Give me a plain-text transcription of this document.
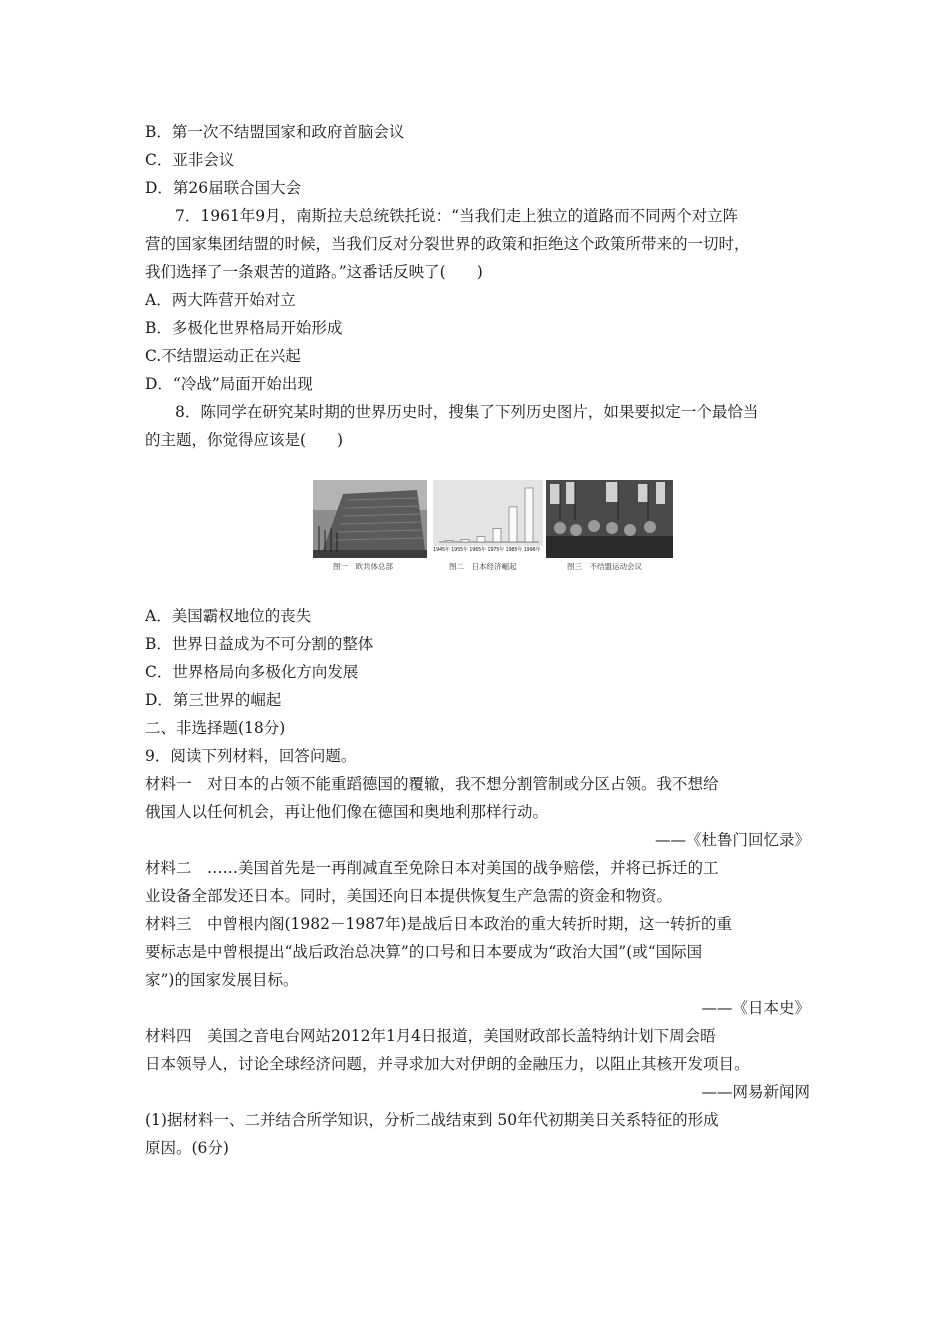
B．第一次不结盟国家和政府首脑会议
C．亚非会议
D．第26届联合国大会
7．1961年9月，南斯拉夫总统铁托说：“当我们走上独立的道路而不同两个对立阵
营的国家集团结盟的时候，当我们反对分裂世界的政策和拒绝这个政策所带来的一切时，
我们选择了一条艰苦的道路。”这番话反映了(　　)
A．两大阵营开始对立
B．多极化世界格局开始形成
C.不结盟运动正在兴起
D．“冷战”局面开始出现
8．陈同学在研究某时期的世界历史时，搜集了下列历史图片，如果要拟定一个最恰当
的主题，你觉得应该是(　　)
图一　欧共体总部
1945年 1955年 1965年 1975年 1985年 1996年
图二　日本经济崛起	图三　不结盟运动会议
A．美国霸权地位的丧失
B．世界日益成为不可分割的整体
C．世界格局向多极化方向发展
D．第三世界的崛起
二、非选择题(18分)
9．阅读下列材料，回答问题。
材料一　对日本的占领不能重蹈德国的覆辙，我不想分割管制或分区占领。我不想给
俄国人以任何机会，再让他们像在德国和奥地利那样行动。
——《杜鲁门回忆录》
材料二　……美国首先是一再削减直至免除日本对美国的战争赔偿，并将已拆迁的工
业设备全部发还日本。同时，美国还向日本提供恢复生产急需的资金和物资。
材料三　中曾根内阁(1982－1987年)是战后日本政治的重大转折时期，这一转折的重
要标志是中曾根提出“战后政治总决算”的口号和日本要成为“政治大国”(或“国际国
家”)的国家发展目标。
——《日本史》
材料四　美国之音电台网站2012年1月4日报道，美国财政部长盖特纳计划下周会晤
日本领导人，讨论全球经济问题，并寻求加大对伊朗的金融压力，以阻止其核开发项目。
——网易新闻网
(1)据材料一、二并结合所学知识，分析二战结束到 50年代初期美日关系特征的形成
原因。(6分)
